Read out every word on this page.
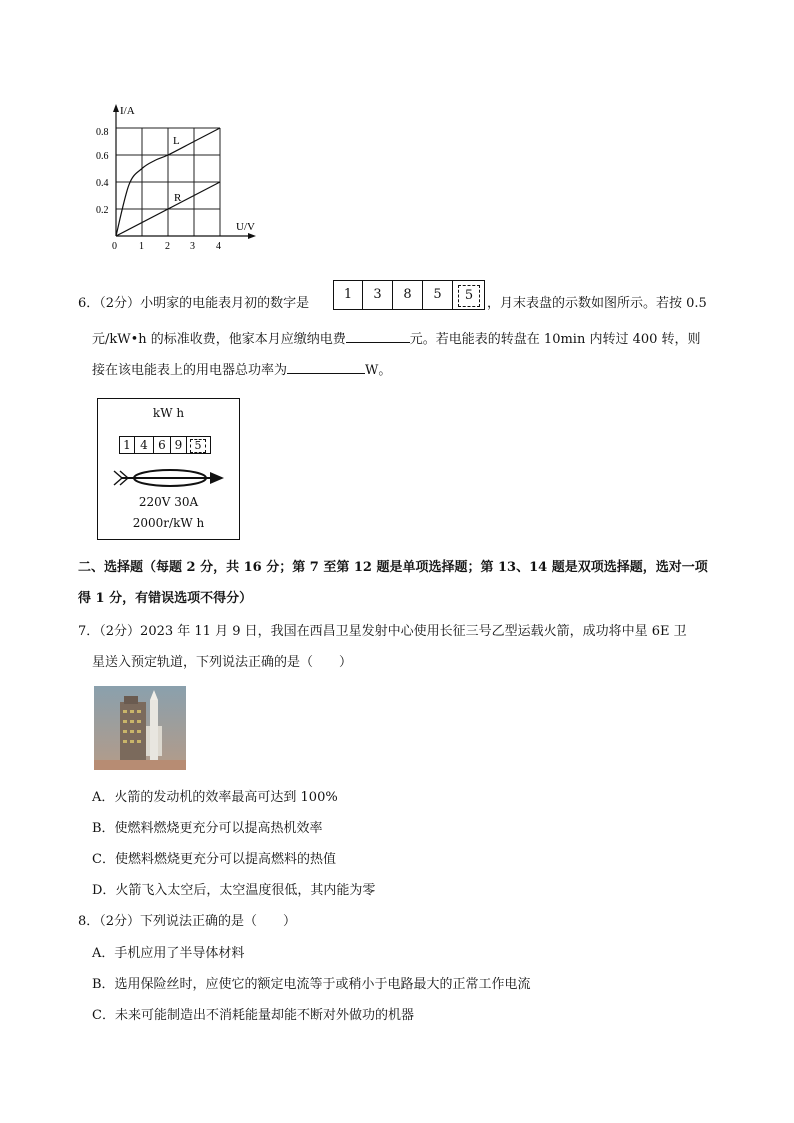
I/A
U/V
0.8
0.6
0.4
0.2
0 1 2 3 4
L
R
6．（2分）小明家的电能表月初的数字是
1	3	8	5	5
，月末表盘的示数如图所示。若按 0.5
元/kW•h 的标准收费，他家本月应缴纳电费	元。若电能表的转盘在 10min 内转过 400 转，则
接在该电能表上的用电器总功率为	W。
kW h
1 4 6 9	5
220V 30A
2000r/kW h
二、选择题（每题 2 分，共 16 分；第 7 至第 12 题是单项选择题；第 13、14 题是双项选择题，选对一项
得 1 分，有错误选项不得分）
7．（2分）2023 年 11 月 9 日，我国在西昌卫星发射中心使用长征三号乙型运载火箭，成功将中星 6E 卫
星送入预定轨道，下列说法正确的是（　　）
A．火箭的发动机的效率最高可达到 100%
B．使燃料燃烧更充分可以提高热机效率
C．使燃料燃烧更充分可以提高燃料的热值
D．火箭飞入太空后，太空温度很低，其内能为零
8．（2分）下列说法正确的是（　　）
A．手机应用了半导体材料
B．选用保险丝时，应使它的额定电流等于或稍小于电路最大的正常工作电流
C．未来可能制造出不消耗能量却能不断对外做功的机器
